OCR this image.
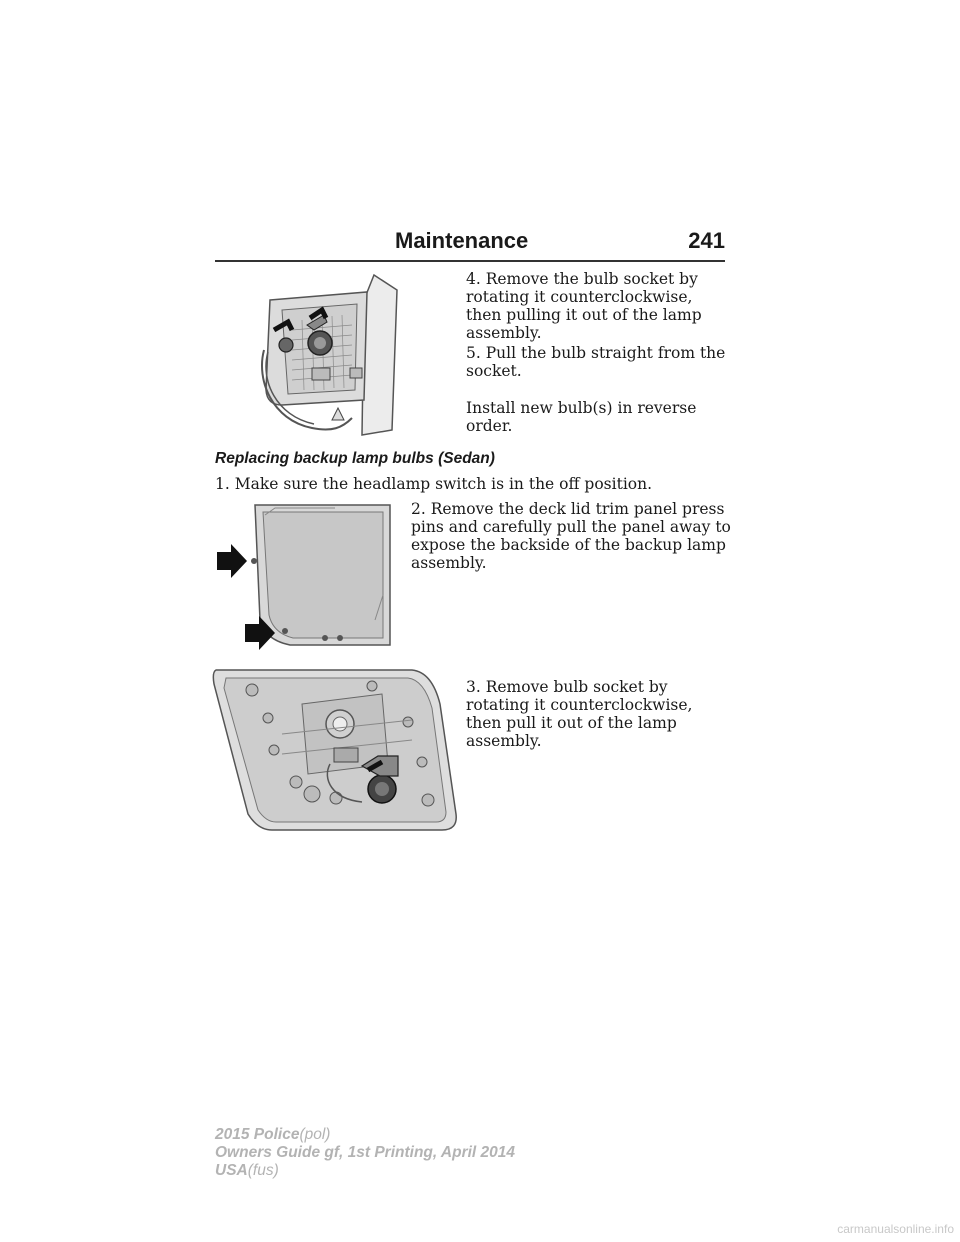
Maintenance	241

4. Remove the bulb socket by rotating it counterclockwise, then pulling it out of the lamp assembly.

5. Pull the bulb straight from the socket.

Install new bulb(s) in reverse order.

Replacing backup lamp bulbs (Sedan)

1. Make sure the headlamp switch is in the off position.

2. Remove the deck lid trim panel press pins and carefully pull the panel away to expose the backside of the backup lamp assembly.

3. Remove bulb socket by rotating it counterclockwise, then pull it out of the lamp assembly.

2015 Police(pol)
Owners Guide gf, 1st Printing, April 2014
USA(fus)
carmanualsonline.info
